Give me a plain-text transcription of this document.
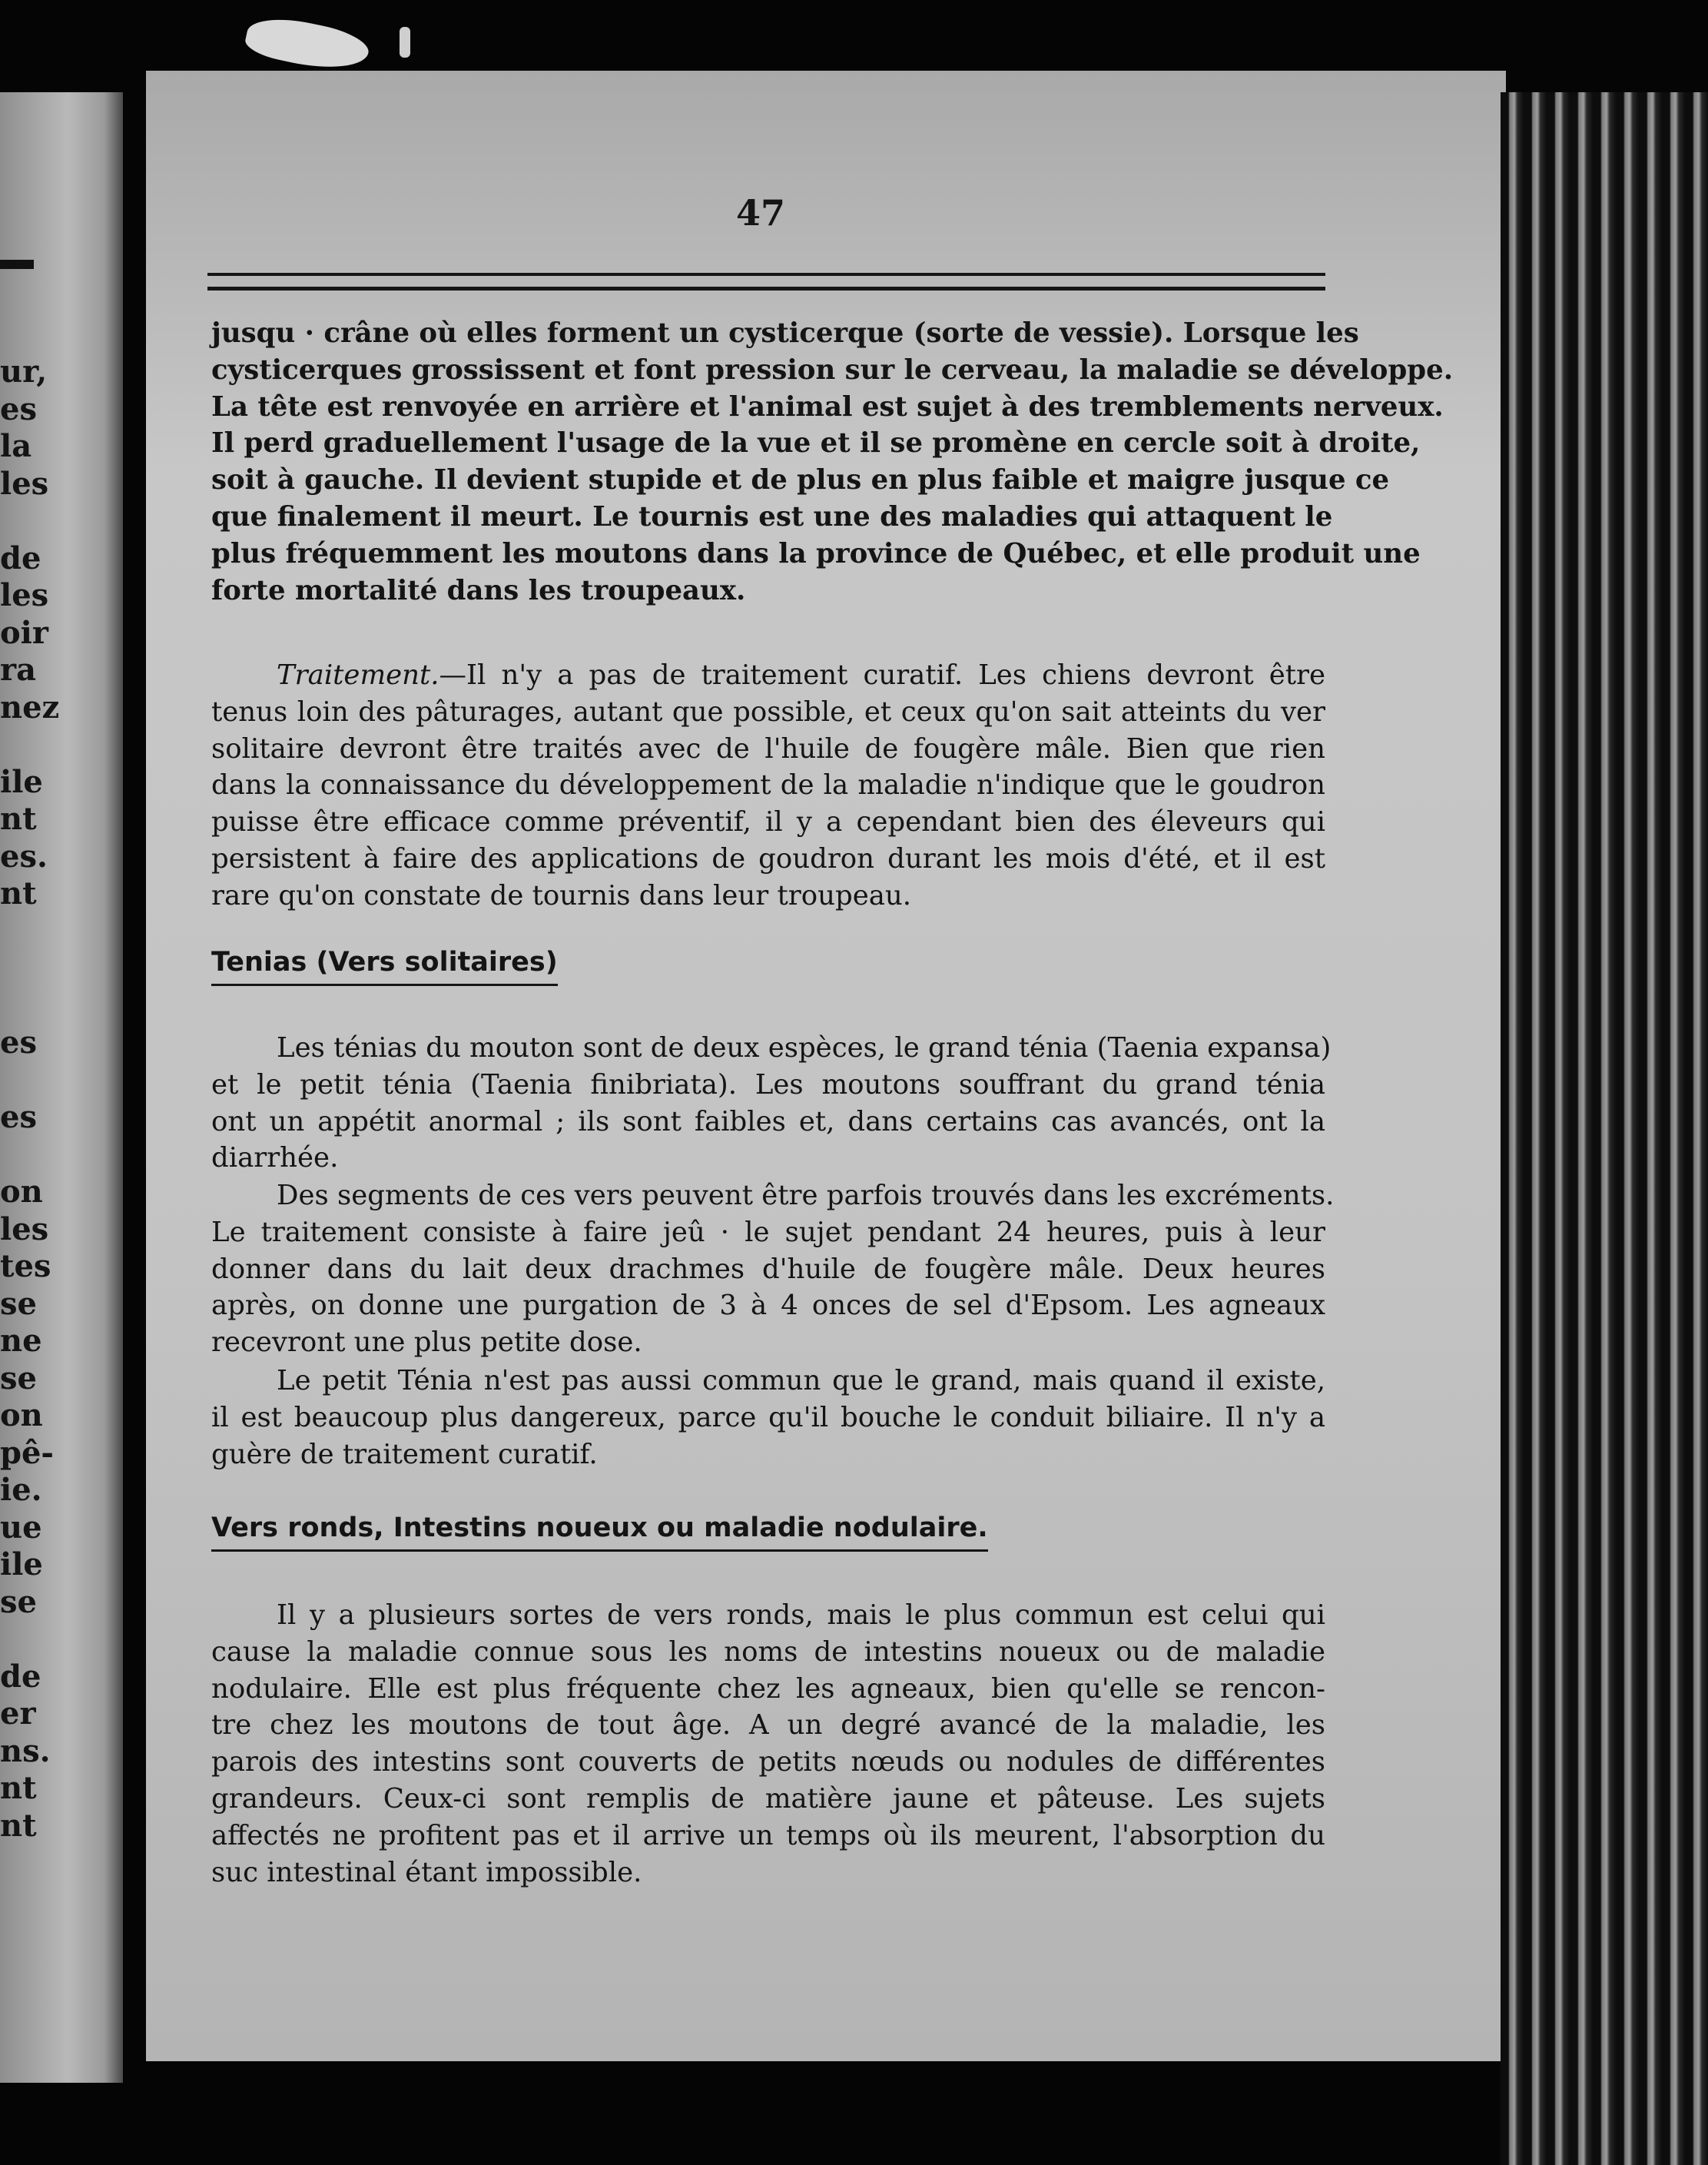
ur,
es
la
les
de
les
oir
ra
nez
ile
nt
es.
nt
es
es
on
les
tes
se
ne
se
on
pê-
ie.
ue
ile
se
de
er
ns.
nt
nt
47
jusqu · crâne où elles forment un cysticerque (sorte de vessie). Lorsque les
cysticerques grossissent et font pression sur le cerveau, la maladie se développe.
La tête est renvoyée en arrière et l'animal est sujet à des tremblements nerveux.
Il perd graduellement l'usage de la vue et il se promène en cercle soit à droite,
soit à gauche. Il devient stupide et de plus en plus faible et maigre jusque ce
que finalement il meurt. Le tournis est une des maladies qui attaquent le
plus fréquemment les moutons dans la province de Québec, et elle produit une
forte mortalité dans les troupeaux.
Traitement.—Il n'y a pas de traitement curatif. Les chiens devront être
tenus loin des pâturages, autant que possible, et ceux qu'on sait atteints du ver
solitaire devront être traités avec de l'huile de fougère mâle. Bien que rien
dans la connaissance du développement de la maladie n'indique que le goudron
puisse être efficace comme préventif, il y a cependant bien des éleveurs qui
persistent à faire des applications de goudron durant les mois d'été, et il est
rare qu'on constate de tournis dans leur troupeau.
Tenias (Vers solitaires)
Les ténias du mouton sont de deux espèces, le grand ténia (Taenia expansa)
et le petit ténia (Taenia finibriata). Les moutons souffrant du grand ténia
ont un appétit anormal ; ils sont faibles et, dans certains cas avancés, ont la
diarrhée.
Des segments de ces vers peuvent être parfois trouvés dans les excréments.
Le traitement consiste à faire jeû · le sujet pendant 24 heures, puis à leur
donner dans du lait deux drachmes d'huile de fougère mâle. Deux heures
après, on donne une purgation de 3 à 4 onces de sel d'Epsom. Les agneaux
recevront une plus petite dose.
Le petit Ténia n'est pas aussi commun que le grand, mais quand il existe,
il est beaucoup plus dangereux, parce qu'il bouche le conduit biliaire. Il n'y a
guère de traitement curatif.
Vers ronds, Intestins noueux ou maladie nodulaire.
Il y a plusieurs sortes de vers ronds, mais le plus commun est celui qui
cause la maladie connue sous les noms de intestins noueux ou de maladie
nodulaire. Elle est plus fréquente chez les agneaux, bien qu'elle se rencon-
tre chez les moutons de tout âge. A un degré avancé de la maladie, les
parois des intestins sont couverts de petits nœuds ou nodules de différentes
grandeurs. Ceux-ci sont remplis de matière jaune et pâteuse. Les sujets
affectés ne profitent pas et il arrive un temps où ils meurent, l'absorption du
suc intestinal étant impossible.
